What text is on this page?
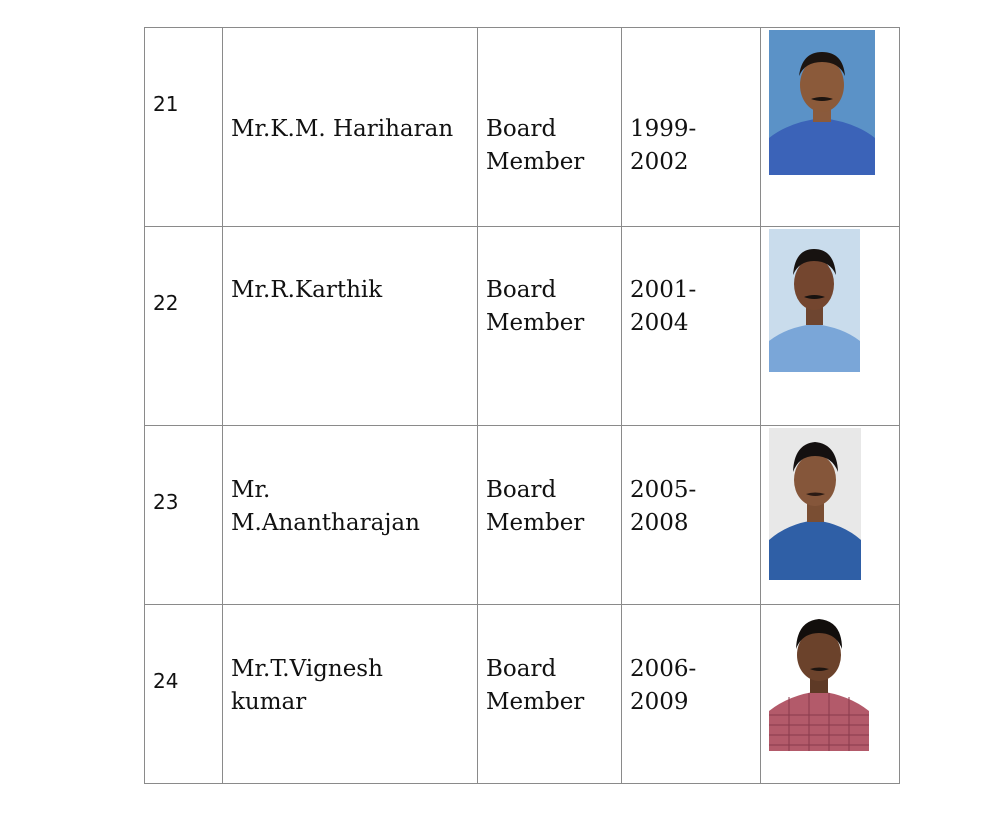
21	Mr.K.M. Hariharan	Board Member	1999-2002

22	Mr.R.Karthik	Board Member	2001-2004

23	Mr. M.Anantharajan	Board Member	2005-2008

24	Mr.T.Vignesh kumar	Board Member	2006-2009
